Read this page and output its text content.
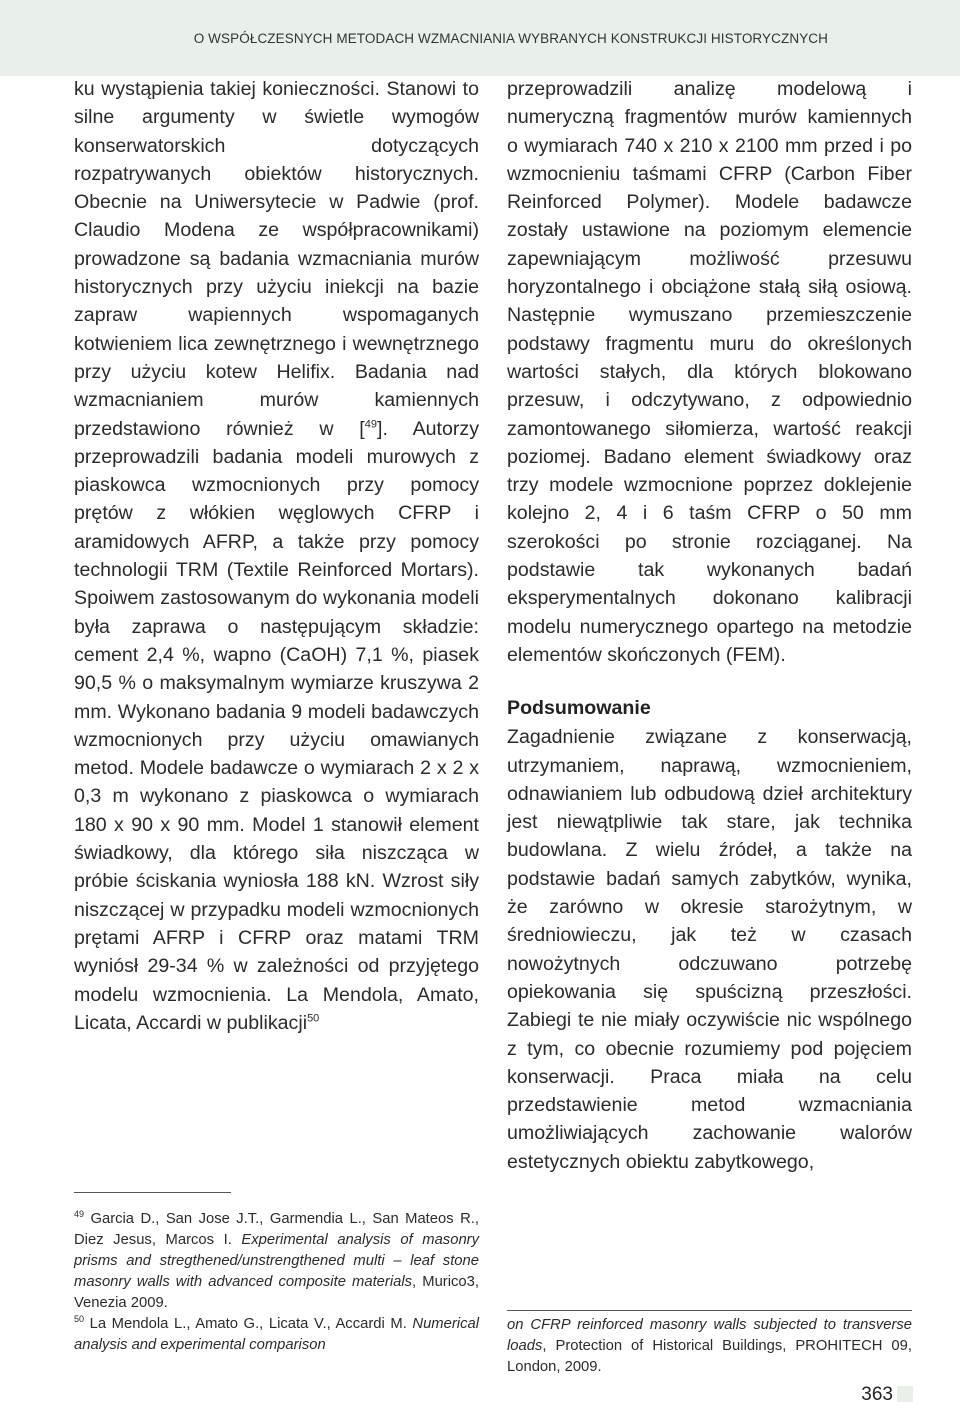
O WSPÓŁCZESNYCH METODACH WZMACNIANIA WYBRANYCH KONSTRUKCJI HISTORYCZNYCH

ku wystąpienia takiej konieczności. Stanowi to silne argumenty w świetle wymogów konserwatorskich dotyczących rozpatrywanych obiektów historycznych. Obecnie na Uniwersytecie w Padwie (prof. Claudio Modena ze współpracownikami) prowadzone są badania wzmacniania murów historycznych przy użyciu iniekcji na bazie zapraw wapiennych wspomaganych kotwieniem lica zewnętrznego i wewnętrznego przy użyciu kotew Helifix. Badania nad wzmacnianiem murów kamiennych przedstawiono również w [$^{49}$]. Autorzy przeprowadzili badania modeli murowych z piaskowca wzmocnionych przy pomocy prętów z włókien węglowych CFRP i aramidowych AFRP, a także przy pomocy technologii TRM (Textile Reinforced Mortars). Spoiwem zastosowanym do wykonania modeli była zaprawa o następującym składzie: cement 2,4 %, wapno (CaOH) 7,1 %, piasek 90,5 % o maksymalnym wymiarze kruszywa 2 mm. Wykonano badania 9 modeli badawczych wzmocnionych przy użyciu omawianych metod. Modele badawcze o wymiarach 2 x 2 x 0,3 m wykonano z piaskowca o wymiarach 180 x 90 x 90 mm. Model 1 stanowił element świadkowy, dla którego siła niszcząca w próbie ściskania wyniosła 188 kN. Wzrost siły niszczącej w przypadku modeli wzmocnionych prętami AFRP i CFRP oraz matami TRM wyniósł 29-34 % w zależności od przyjętego modelu wzmocnienia. La Mendola, Amato, Licata, Accardi w publikacji$^{50}$

przeprowadzili analizę modelową i numeryczną fragmentów murów kamiennych o wymiarach 740 x 210 x 2100 mm przed i po wzmocnieniu taśmami CFRP (Carbon Fiber Reinforced Polymer). Modele badawcze zostały ustawione na poziomym elemencie zapewniającym możliwość przesuwu horyzontalnego i obciążone stałą siłą osiową. Następnie wymuszano przemieszczenie podstawy fragmentu muru do określonych wartości stałych, dla których blokowano przesuw, i odczytywano, z odpowiednio zamontowanego siłomierza, wartość reakcji poziomej. Badano element świadkowy oraz trzy modele wzmocnione poprzez doklejenie kolejno 2, 4 i 6 taśm CFRP o 50 mm szerokości po stronie rozciąganej. Na podstawie tak wykonanych badań eksperymentalnych dokonano kalibracji modelu numerycznego opartego na metodzie elementów skończonych (FEM).

Podsumowanie

Zagadnienie związane z konserwacją, utrzymaniem, naprawą, wzmocnieniem, odnawianiem lub odbudową dzieł architektury jest niewątpliwie tak stare, jak technika budowlana. Z wielu źródeł, a także na podstawie badań samych zabytków, wynika, że zarówno w okresie starożytnym, w średniowieczu, jak też w czasach nowożytnych odczuwano potrzebę opiekowania się spuścizną przeszłości. Zabiegi te nie miały oczywiście nic wspólnego z tym, co obecnie rozumiemy pod pojęciem konserwacji. Praca miała na celu przedstawienie metod wzmacniania umożliwiających zachowanie walorów estetycznych obiektu zabytkowego,

$^{49}$ Garcia D., San Jose J.T., Garmendia L., San Mateos R., Diez Jesus, Marcos I. Experimental analysis of masonry prisms and stregthened/unstrengthened multi – leaf stone masonry walls with advanced composite materials, Murico3, Venezia 2009.

$^{50}$ La Mendola L., Amato G., Licata V., Accardi M. Numerical analysis and experimental comparison

on CFRP reinforced masonry walls subjected to transverse loads, Protection of Historical Buildings, PROHITECH 09, London, 2009.

363
